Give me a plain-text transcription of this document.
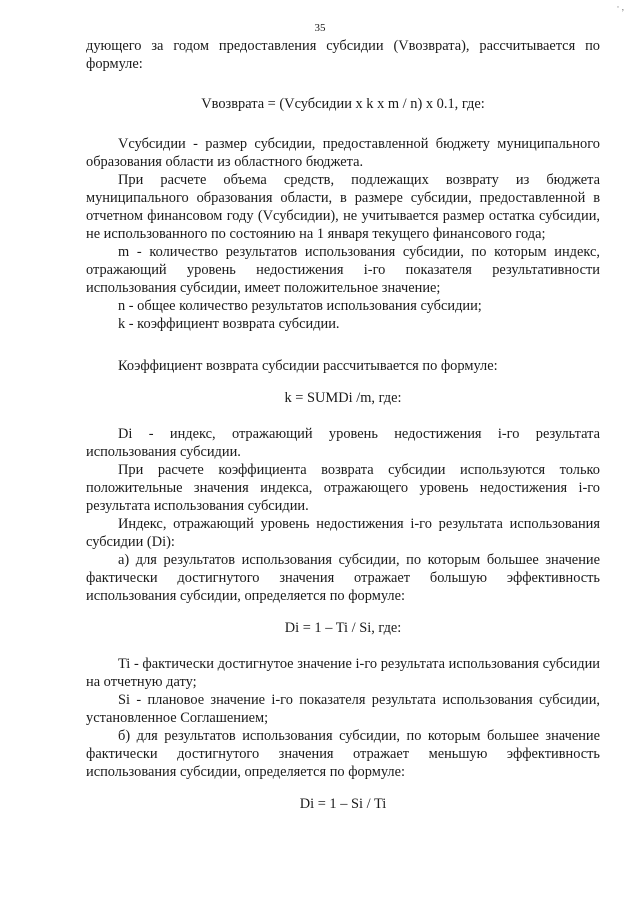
· ,
35

дующего за годом предоставления субсидии (Vвозврата), рассчитывается по формуле:

Vвозврата = (Vсубсидии x k x m / n) x 0.1, где:

Vсубсидии - размер субсидии, предоставленной бюджету муниципального образования области из областного бюджета.

При расчете объема средств, подлежащих возврату из бюджета муниципального образования области, в размере субсидии, предоставленной в отчетном финансовом году (Vсубсидии), не учитывается размер остатка субсидии, не использованного по состоянию на 1 января текущего финансового года;

m - количество результатов использования субсидии, по которым индекс, отражающий уровень недостижения i-го показателя результативности использования субсидии, имеет положительное значение;

n - общее количество результатов использования субсидии;

k - коэффициент возврата субсидии.

Коэффициент возврата субсидии рассчитывается по формуле:

k = SUMDi /m, где:

Di - индекс, отражающий уровень недостижения i-го результата использования субсидии.

При расчете коэффициента возврата субсидии используются только положительные значения индекса, отражающего уровень недостижения i-го результата использования субсидии.

Индекс, отражающий уровень недостижения i-го результата использования субсидии (Di):

а) для результатов использования субсидии, по которым большее значение фактически достигнутого значения отражает большую эффективность использования субсидии, определяется по формуле:

Di = 1 – Ti / Si, где:

Ti - фактически достигнутое значение i-го результата использования субсидии на отчетную дату;

Si - плановое значение i-го показателя результата использования субсидии, установленное Соглашением;

б) для результатов использования субсидии, по которым большее значение фактически достигнутого значения отражает меньшую эффективность использования субсидии, определяется по формуле:

Di = 1 – Si / Ti
